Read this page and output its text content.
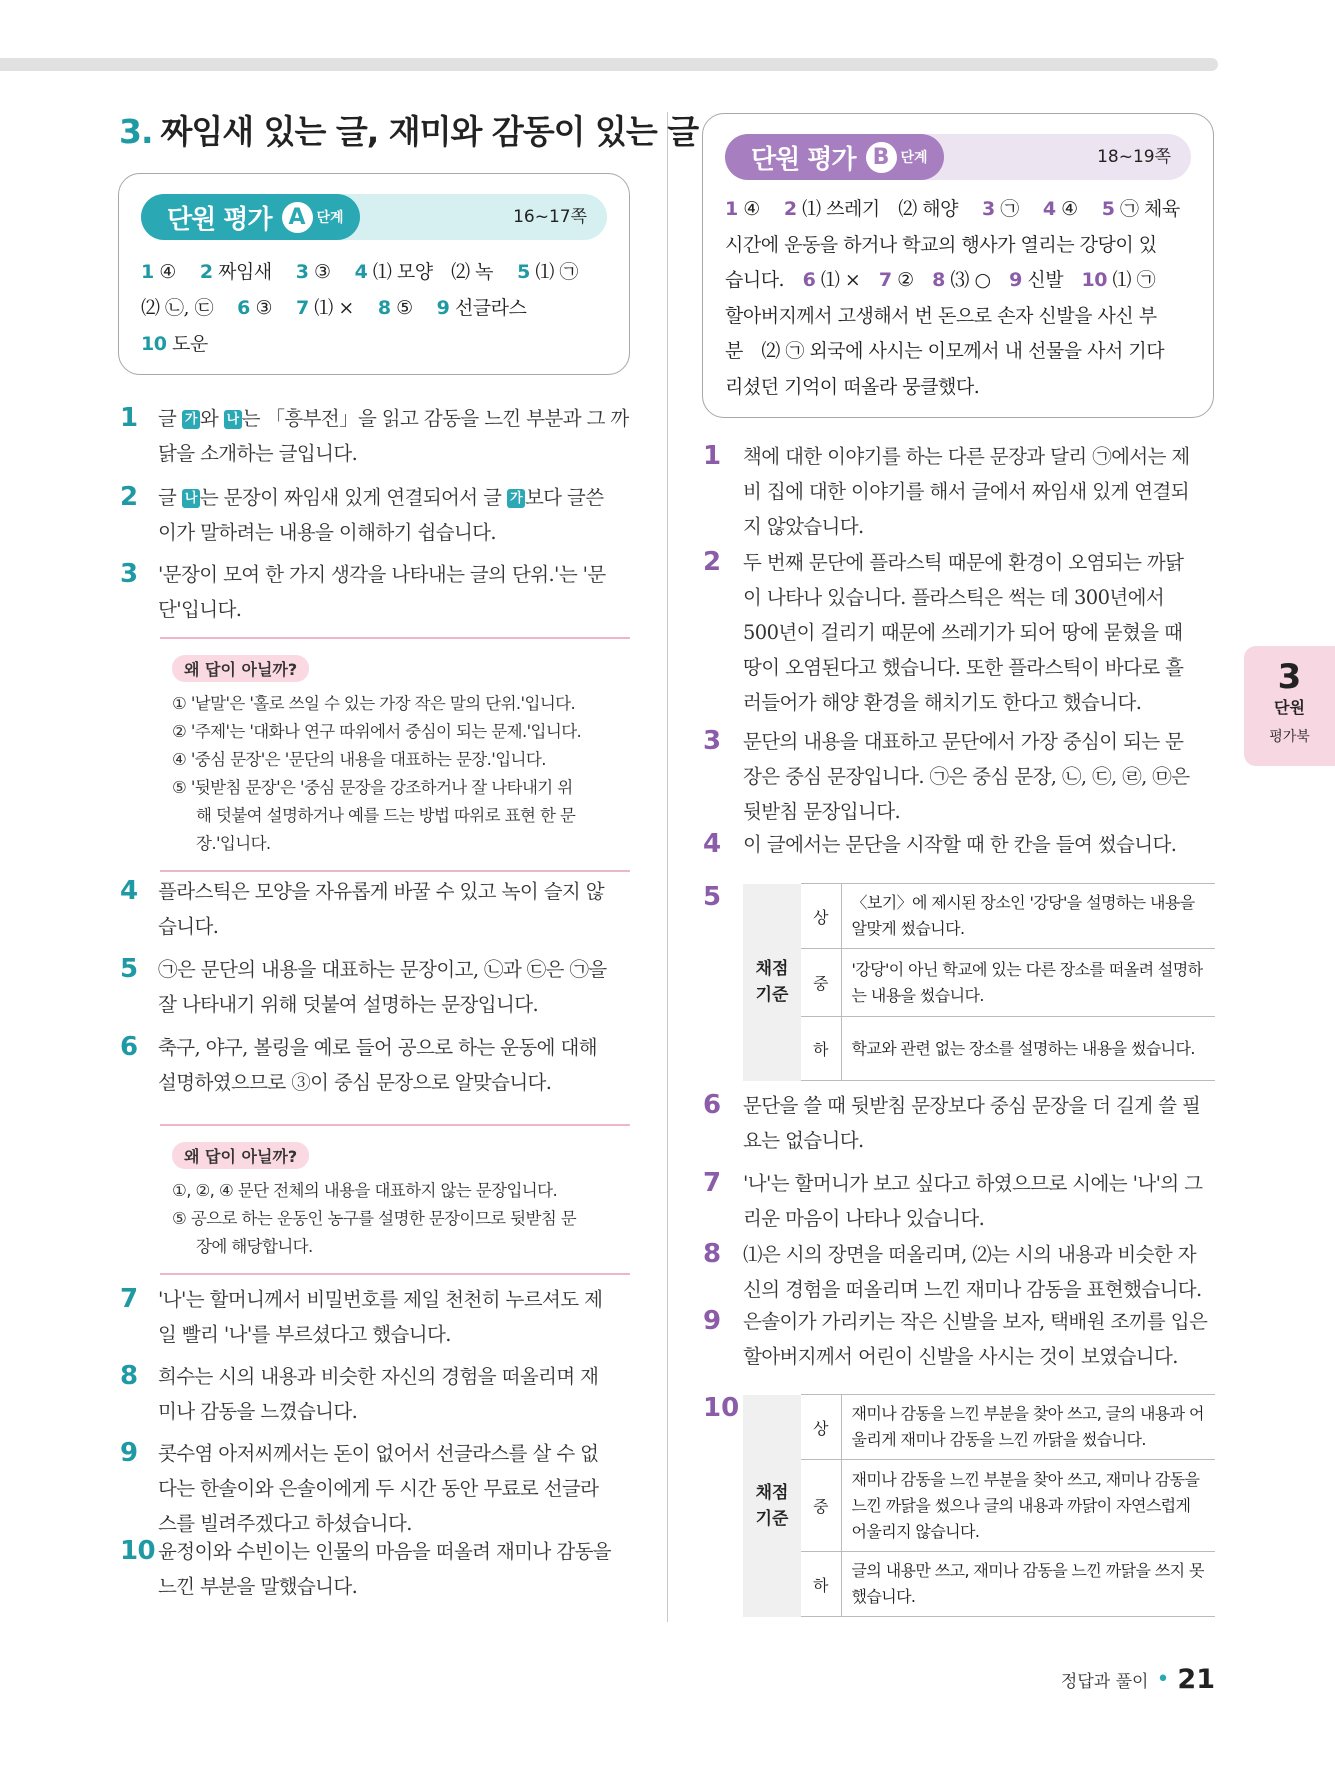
3. 짜임새 있는 글, 재미와 감동이 있는 글
단원 평가 A 단계	16~17쪽
1 ④　 2 짜임새　 3 ③　 4 ⑴ 모양　⑵ 녹　 5 ⑴ ㉠
⑵ ㉡, ㉢　 6 ③　 7 ⑴ ×　 8 ⑤　 9 선글라스
10 도운
단원 평가 B 단계	18~19쪽
1 ④　 2 ⑴ 쓰레기　⑵ 해양　 3 ㉠　 4 ④　 5 ㉠ 체육
시간에 운동을 하거나 학교의 행사가 열리는 강당이 있
습니다.　6 ⑴ ×　7 ②　8 ⑶ ○　9 신발　10 ⑴ ㉠
할아버지께서 고생해서 번 돈으로 손자 신발을 사신 부
분　⑵ ㉠ 외국에 사시는 이모께서 내 선물을 사서 기다
리셨던 기억이 떠올라 뭉클했다.
1 글 가 와 나 는 「흥부전」을 읽고 감동을 느낀 부분과 그 까
닭을 소개하는 글입니다.
2 글 나 는 문장이 짜임새 있게 연결되어서 글 가 보다 글쓴
이가 말하려는 내용을 이해하기 쉽습니다.
3 '문장이 모여 한 가지 생각을 나타내는 글의 단위.'는 '문
단'입니다.
4 플라스틱은 모양을 자유롭게 바꿀 수 있고 녹이 슬지 않
습니다.
5 ㉠은 문단의 내용을 대표하는 문장이고, ㉡과 ㉢은 ㉠을
잘 나타내기 위해 덧붙여 설명하는 문장입니다.
6 축구, 야구, 볼링을 예로 들어 공으로 하는 운동에 대해
설명하였으므로 ③이 중심 문장으로 알맞습니다.
7 '나'는 할머니께서 비밀번호를 제일 천천히 누르셔도 제
일 빨리 '나'를 부르셨다고 했습니다.
8 희수는 시의 내용과 비슷한 자신의 경험을 떠올리며 재
미나 감동을 느꼈습니다.
9 콧수염 아저씨께서는 돈이 없어서 선글라스를 살 수 없
다는 한솔이와 은솔이에게 두 시간 동안 무료로 선글라
스를 빌려주겠다고 하셨습니다.
10 윤정이와 수빈이는 인물의 마음을 떠올려 재미나 감동을
느낀 부분을 말했습니다.
1 책에 대한 이야기를 하는 다른 문장과 달리 ㉠에서는 제
비 집에 대한 이야기를 해서 글에서 짜임새 있게 연결되
지 않았습니다.
2 두 번째 문단에 플라스틱 때문에 환경이 오염되는 까닭
이 나타나 있습니다. 플라스틱은 썩는 데 300년에서
500년이 걸리기 때문에 쓰레기가 되어 땅에 묻혔을 때
땅이 오염된다고 했습니다. 또한 플라스틱이 바다로 흘
러들어가 해양 환경을 해치기도 한다고 했습니다.
3 문단의 내용을 대표하고 문단에서 가장 중심이 되는 문
장은 중심 문장입니다. ㉠은 중심 문장, ㉡, ㉢, ㉣, ㉤은
뒷받침 문장입니다.
4 이 글에서는 문단을 시작할 때 한 칸을 들여 썼습니다.
6 문단을 쓸 때 뒷받침 문장보다 중심 문장을 더 길게 쓸 필
요는 없습니다.
7 '나'는 할머니가 보고 싶다고 하였으므로 시에는 '나'의 그
리운 마음이 나타나 있습니다.
8 ⑴은 시의 장면을 떠올리며, ⑵는 시의 내용과 비슷한 자
신의 경험을 떠올리며 느낀 재미나 감동을 표현했습니다.
9 은솔이가 가리키는 작은 신발을 보자, 택배원 조끼를 입은
할아버지께서 어린이 신발을 사시는 것이 보였습니다.
왜 답이 아닐까?
① '낱말'은 '홀로 쓰일 수 있는 가장 작은 말의 단위.'입니다.
② '주제'는 '대화나 연구 따위에서 중심이 되는 문제.'입니다.
④ '중심 문장'은 '문단의 내용을 대표하는 문장.'입니다.
⑤ '뒷받침 문장'은 '중심 문장을 강조하거나 잘 나타내기 위
해 덧붙여 설명하거나 예를 드는 방법 따위로 표현 한 문
장.'입니다.
왜 답이 아닐까?
①, ②, ④ 문단 전체의 내용을 대표하지 않는 문장입니다.
⑤ 공으로 하는 운동인 농구를 설명한 문장이므로 뒷받침 문
장에 해당합니다.
5
채점
기준	상	〈보기〉에 제시된 장소인 '강당'을 설명하는 내용을 알맞게 썼습니다.
	중	'강당'이 아닌 학교에 있는 다른 장소를 떠올려 설명하는 내용을 썼습니다.
	하	학교와 관련 없는 장소를 설명하는 내용을 썼습니다.
10
채점
기준	상	재미나 감동을 느낀 부분을 찾아 쓰고, 글의 내용과 어울리게 재미나 감동을 느낀 까닭을 썼습니다.
	중	재미나 감동을 느낀 부분을 찾아 쓰고, 재미나 감동을 느낀 까닭을 썼으나 글의 내용과 까닭이 자연스럽게 어울리지 않습니다.
	하	글의 내용만 쓰고, 재미나 감동을 느낀 까닭을 쓰지 못했습니다.
3
단원
평가북
정답과 풀이 • 21
